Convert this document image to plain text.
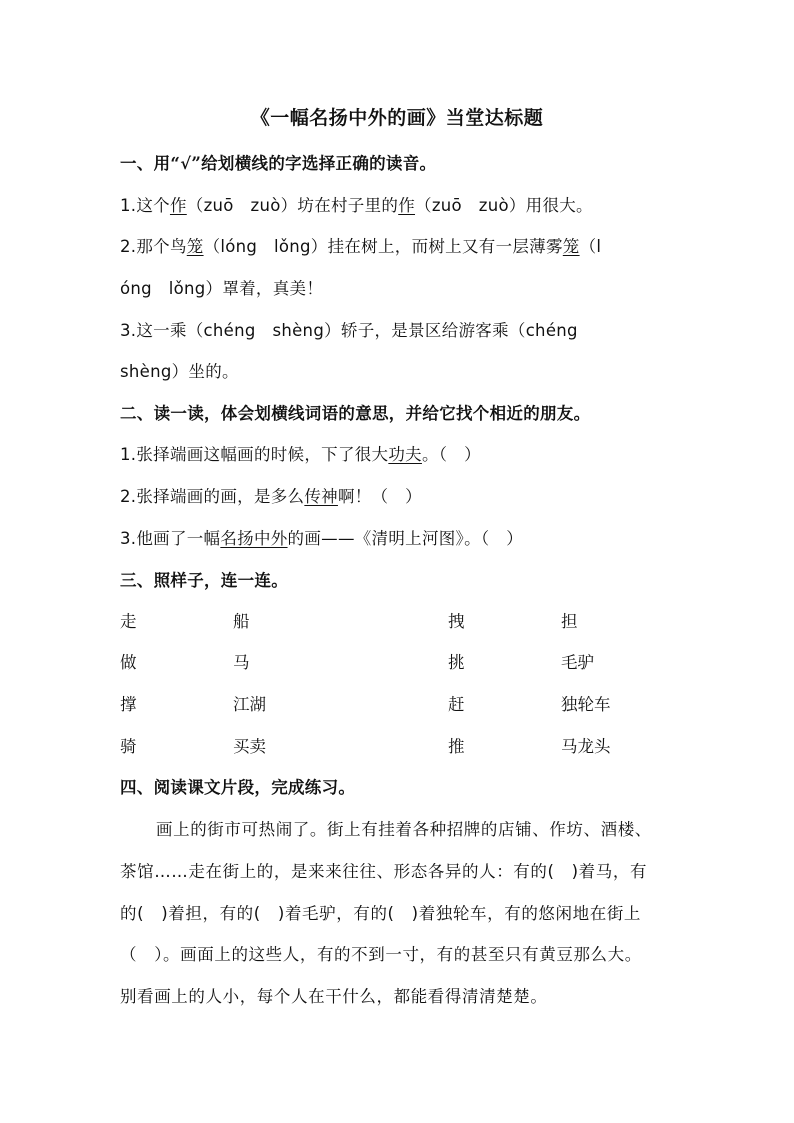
《一幅名扬中外的画》当堂达标题
一、用“√”给划横线的字选择正确的读音。
1.这个作（zuō　zuò）坊在村子里的作（zuō　zuò）用很大。
2.那个鸟笼（lóng　lǒng）挂在树上，而树上又有一层薄雾笼（l
óng　lǒng）罩着，真美！
3.这一乘（chéng　shèng）轿子，是景区给游客乘（chéng
shèng）坐的。
二、读一读，体会划横线词语的意思，并给它找个相近的朋友。
1.张择端画这幅画的时候，下了很大功夫。（　）
2.张择端画的画，是多么传神啊！（　）
3.他画了一幅名扬中外的画——《清明上河图》。（　）
三、照样子，连一连。
走	船	拽	担
做	马	挑	毛驴
撑	江湖	赶	独轮车
骑	买卖	推	马龙头
四、阅读课文片段，完成练习。
画上的街市可热闹了。街上有挂着各种招牌的店铺、作坊、酒楼、
茶馆……走在街上的，是来来往往、形态各异的人：有的(　)着马，有
的(　)着担，有的(　)着毛驴，有的(　)着独轮车，有的悠闲地在街上
（　）。画面上的这些人，有的不到一寸，有的甚至只有黄豆那么大。
别看画上的人小，每个人在干什么，都能看得清清楚楚。
